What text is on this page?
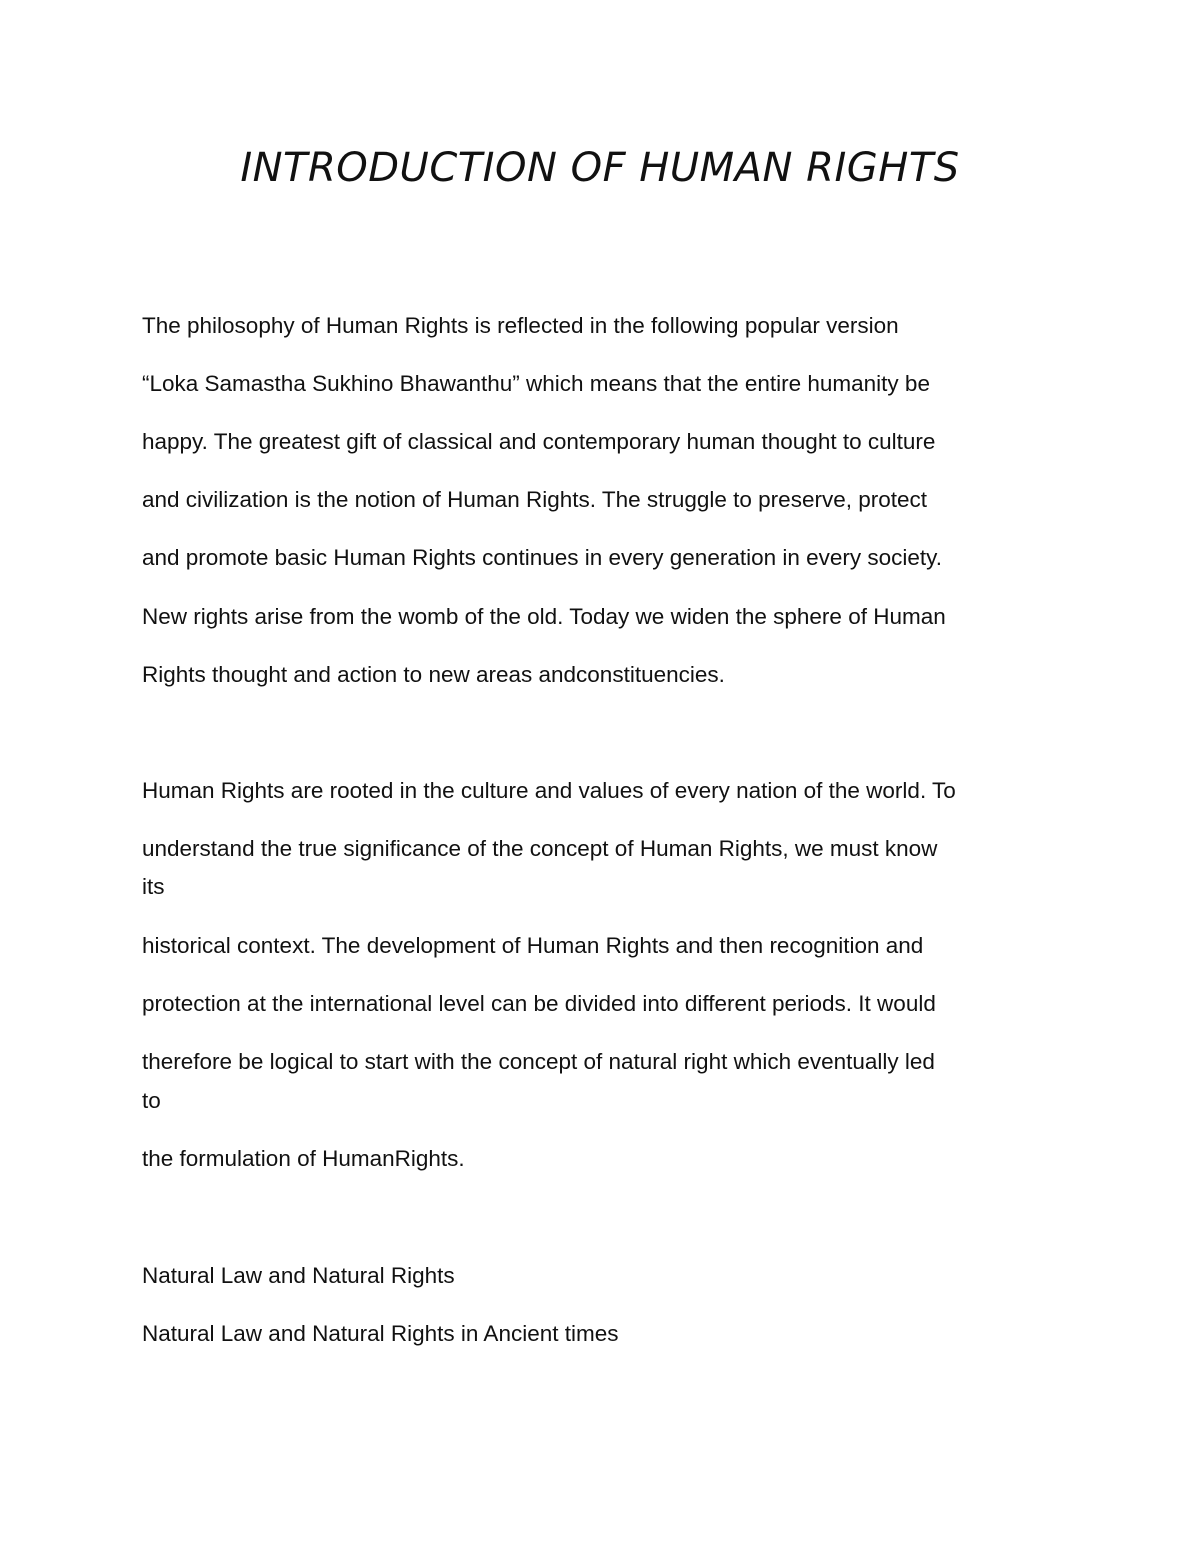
INTRODUCTION OF HUMAN RIGHTS
The philosophy of Human Rights is reflected in the following popular version
“Loka Samastha Sukhino Bhawanthu” which means that the entire humanity be
happy. The greatest gift of classical and contemporary human thought to culture
and civilization is the notion of Human Rights. The struggle to preserve, protect
and promote basic Human Rights continues in every generation in every society.
New rights arise from the womb of the old. Today we widen the sphere of Human
Rights thought and action to new areas andconstituencies.
Human Rights are rooted in the culture and values of every nation of the world. To
understand the true significance of the concept of Human Rights, we must know
its
historical context. The development of Human Rights and then recognition and
protection at the international level can be divided into different periods. It would
therefore be logical to start with the concept of natural right which eventually led
to
the formulation of HumanRights.
Natural Law and Natural Rights
Natural Law and Natural Rights in Ancient times
